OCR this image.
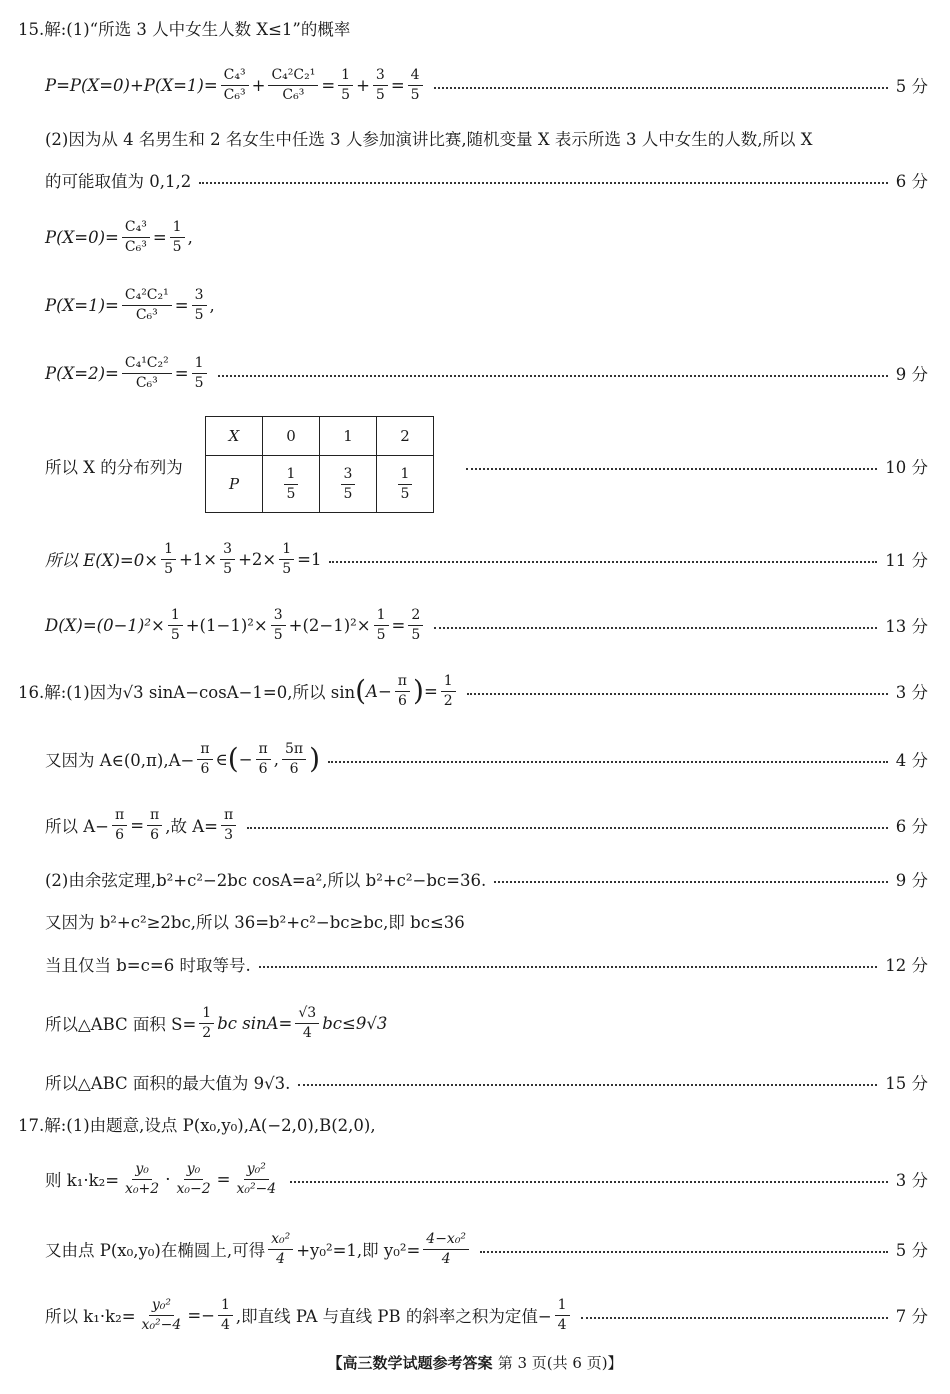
15.解:(1)“所选 3 人中女生人数 X≤1”的概率
$P=P(X=0)+P(X=1)= \frac{\text{C₄³}}{\text{C₆³}} + \frac{\text{C₄²C₂¹}}{\text{C₆³}} = \frac{1}{5} + \frac{3}{5} = \frac{4}{5}$	5 分
(2)因为从 4 名男生和 2 名女生中任选 3 人参加演讲比赛,随机变量 X 表示所选 3 人中女生的人数,所以 X
的可能取值为 0,1,2	6 分
$P(X=0)= \frac{\text{C₄³}}{\text{C₆³}} = \frac{1}{5}$ ,
$P(X=1)= \frac{\text{C₄²C₂¹}}{\text{C₆³}} = \frac{3}{5}$ ,
$P(X=2)= \frac{\text{C₄¹C₂²}}{\text{C₆³}} = \frac{1}{5}$	9 分
所以 X 的分布列为
X	0	1	2
P	$\frac{1}{5}$	$\frac{3}{5}$	$\frac{1}{5}$	10 分
所以 $E(X)=0\times \frac{1}{5} +1\times \frac{3}{5} +2\times \frac{1}{5} =1$	11 分
$D(X)=(0-1)^2\times \frac{1}{5} +(1-1)^2\times \frac{3}{5} +(2-1)^2\times \frac{1}{5} = \frac{2}{5}$	13 分
16.解:(1)因为√3 sinA−cosA−1=0,所以 sin ( $A- \frac{\pi}{6}$ ) = $\frac{1}{2}$	3 分
又因为 A∈(0,π),A− $\frac{\pi}{6}$ ∈ ( − $\frac{\pi}{6}$ , $\frac{5\pi}{6}$ )	4 分
所以 $A- \frac{\pi}{6} = \frac{\pi}{6}$ ,故 $A= \frac{\pi}{3}$	6 分
(2)由余弦定理,b²+c²−2bc cosA=a²,所以 b²+c²−bc=36.	9 分
又因为 b²+c²≥2bc,所以 36=b²+c²−bc≥bc,即 bc≤36
当且仅当 b=c=6 时取等号.	12 分
所以△ABC 面积 $S= \frac{1}{2}$ bc $\sin A= \frac{√3}{4} bc\le 9√3$
所以△ABC 面积的最大值为 9√3.	15 分
17.解:(1)由题意,设点 P(x₀,y₀),A(−2,0),B(2,0),
则 $k_1\cdot k_2= \frac{\text{y₀}}{\text{x₀+2}} \cdot \frac{\text{y₀}}{\text{x₀−2}} = \frac{\text{y₀²}}{\text{x₀²−4}}$	3 分
又由点 P(x₀,y₀)在椭圆上,可得 $\frac{\text{x₀²}}{4} +y_0^2=1$,即 $y_0^2= \frac{\text{4−x₀²}}{4}$	5 分
所以 $k_1\cdot k_2= \frac{\text{y₀²}}{\text{x₀²−4}} =- \frac{1}{4}$ ,即直线 PA 与直线 PB 的斜率之积为定值− $\frac{1}{4}$	7 分
【高三数学试题参考答案 第 3 页(共 6 页)】
